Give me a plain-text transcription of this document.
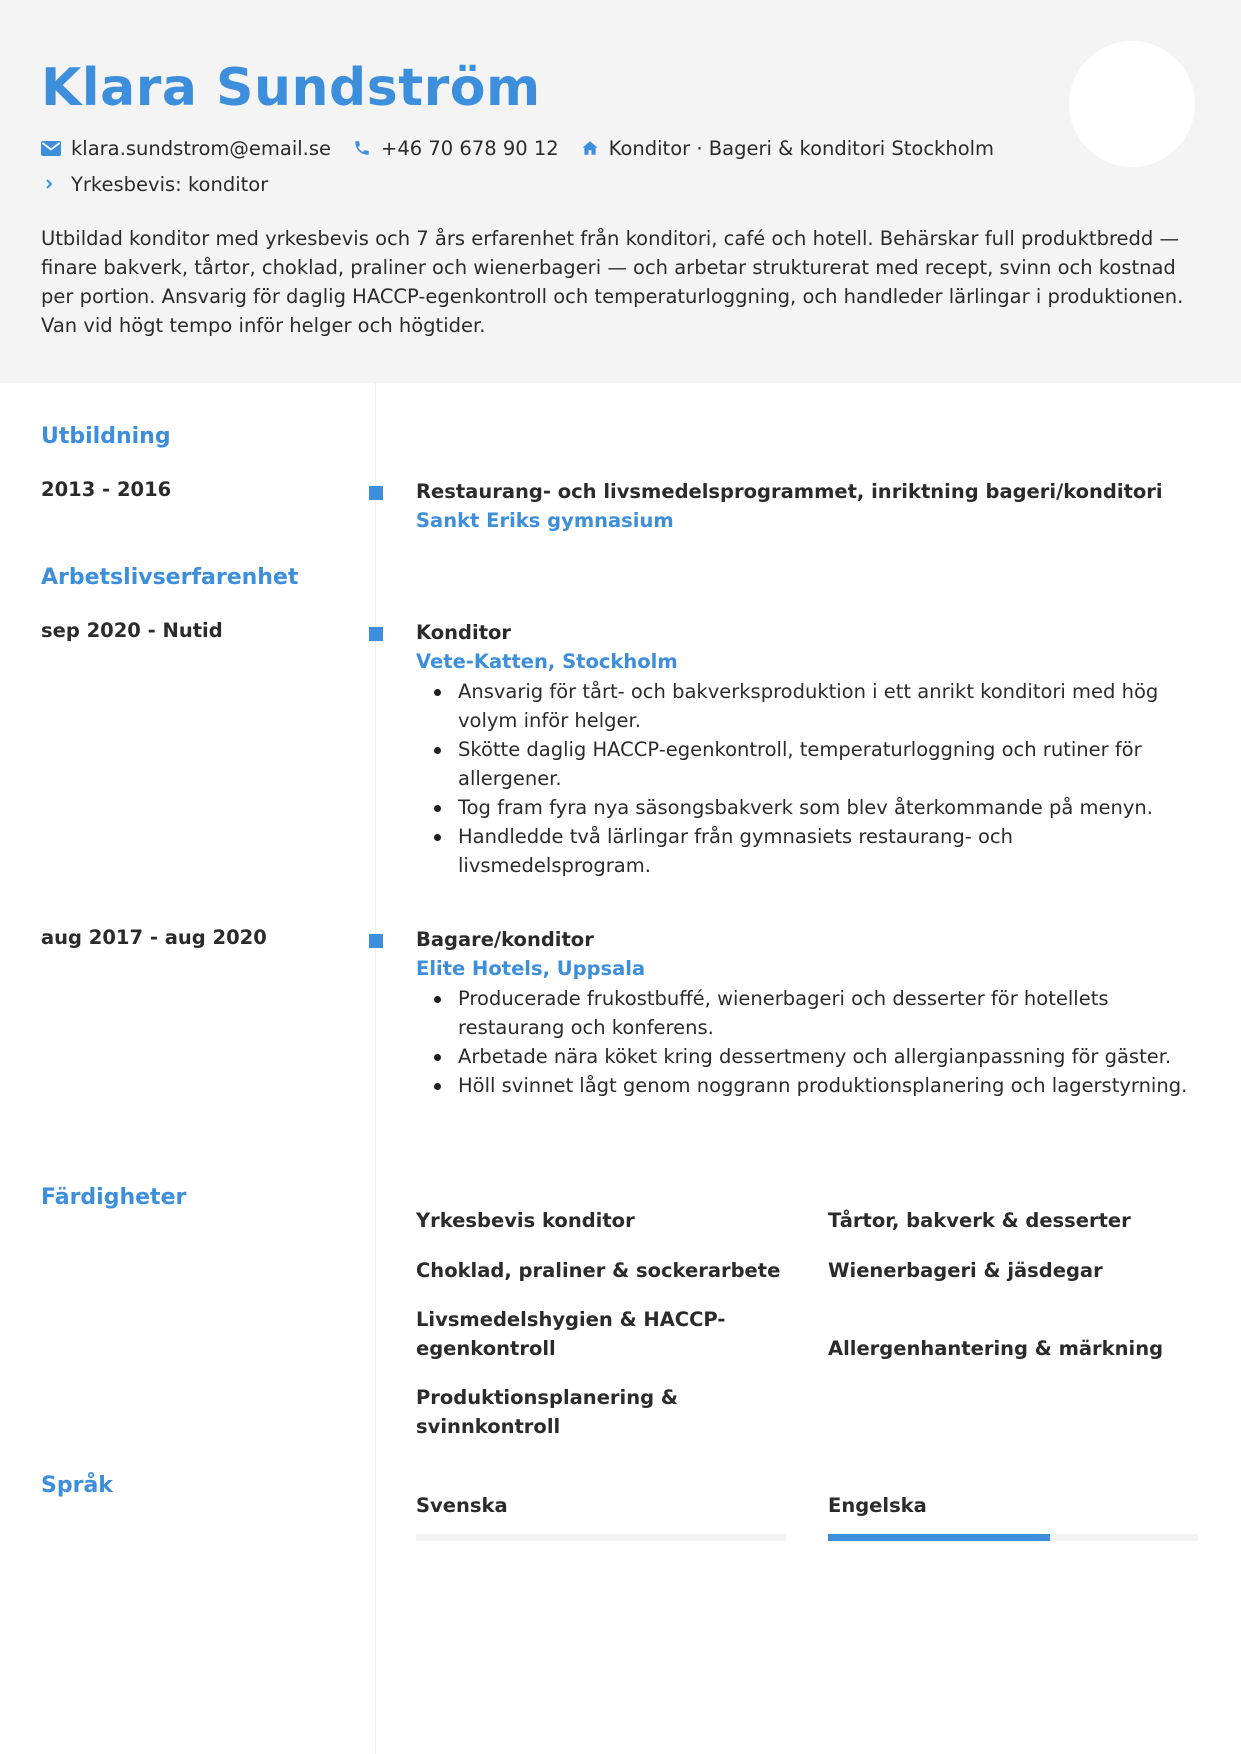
Klara Sundström
klara.sundstrom@email.se	+46 70 678 90 12	Konditor · Bageri & konditori Stockholm
Yrkesbevis: konditor
Utbildad konditor med yrkesbevis och 7 års erfarenhet från konditori, café och hotell. Behärskar full produktbredd — finare bakverk, tårtor, choklad, praliner och wienerbageri — och arbetar strukturerat med recept, svinn och kostnad per portion. Ansvarig för daglig HACCP-egenkontroll och temperaturloggning, och handleder lärlingar i produktionen. Van vid högt tempo inför helger och högtider.
Utbildning
2013 - 2016	Restaurang- och livsmedelsprogrammet, inriktning bageri/konditori
Sankt Eriks gymnasium
Arbetslivserfarenhet
sep 2020 - Nutid	Konditor
Vete-Katten, Stockholm
Ansvarig för tårt- och bakverksproduktion i ett anrikt konditori med hög volym inför helger.
Skötte daglig HACCP-egenkontroll, temperaturloggning och rutiner för allergener.
Tog fram fyra nya säsongsbakverk som blev återkommande på menyn.
Handledde två lärlingar från gymnasiets restaurang- och livsmedelsprogram.
aug 2017 - aug 2020	Bagare/konditor
Elite Hotels, Uppsala
Producerade frukostbuffé, wienerbageri och desserter för hotellets restaurang och konferens.
Arbetade nära köket kring dessertmeny och allergianpassning för gäster.
Höll svinnet lågt genom noggrann produktionsplanering och lagerstyrning.
Färdigheter
Yrkesbevis konditor	Tårtor, bakverk & desserter
Choklad, praliner & sockerarbete	Wienerbageri & jäsdegar
Livsmedelshygien & HACCP-egenkontroll	Allergenhantering & märkning
Produktionsplanering & svinnkontroll
Språk
Svenska	Engelska
